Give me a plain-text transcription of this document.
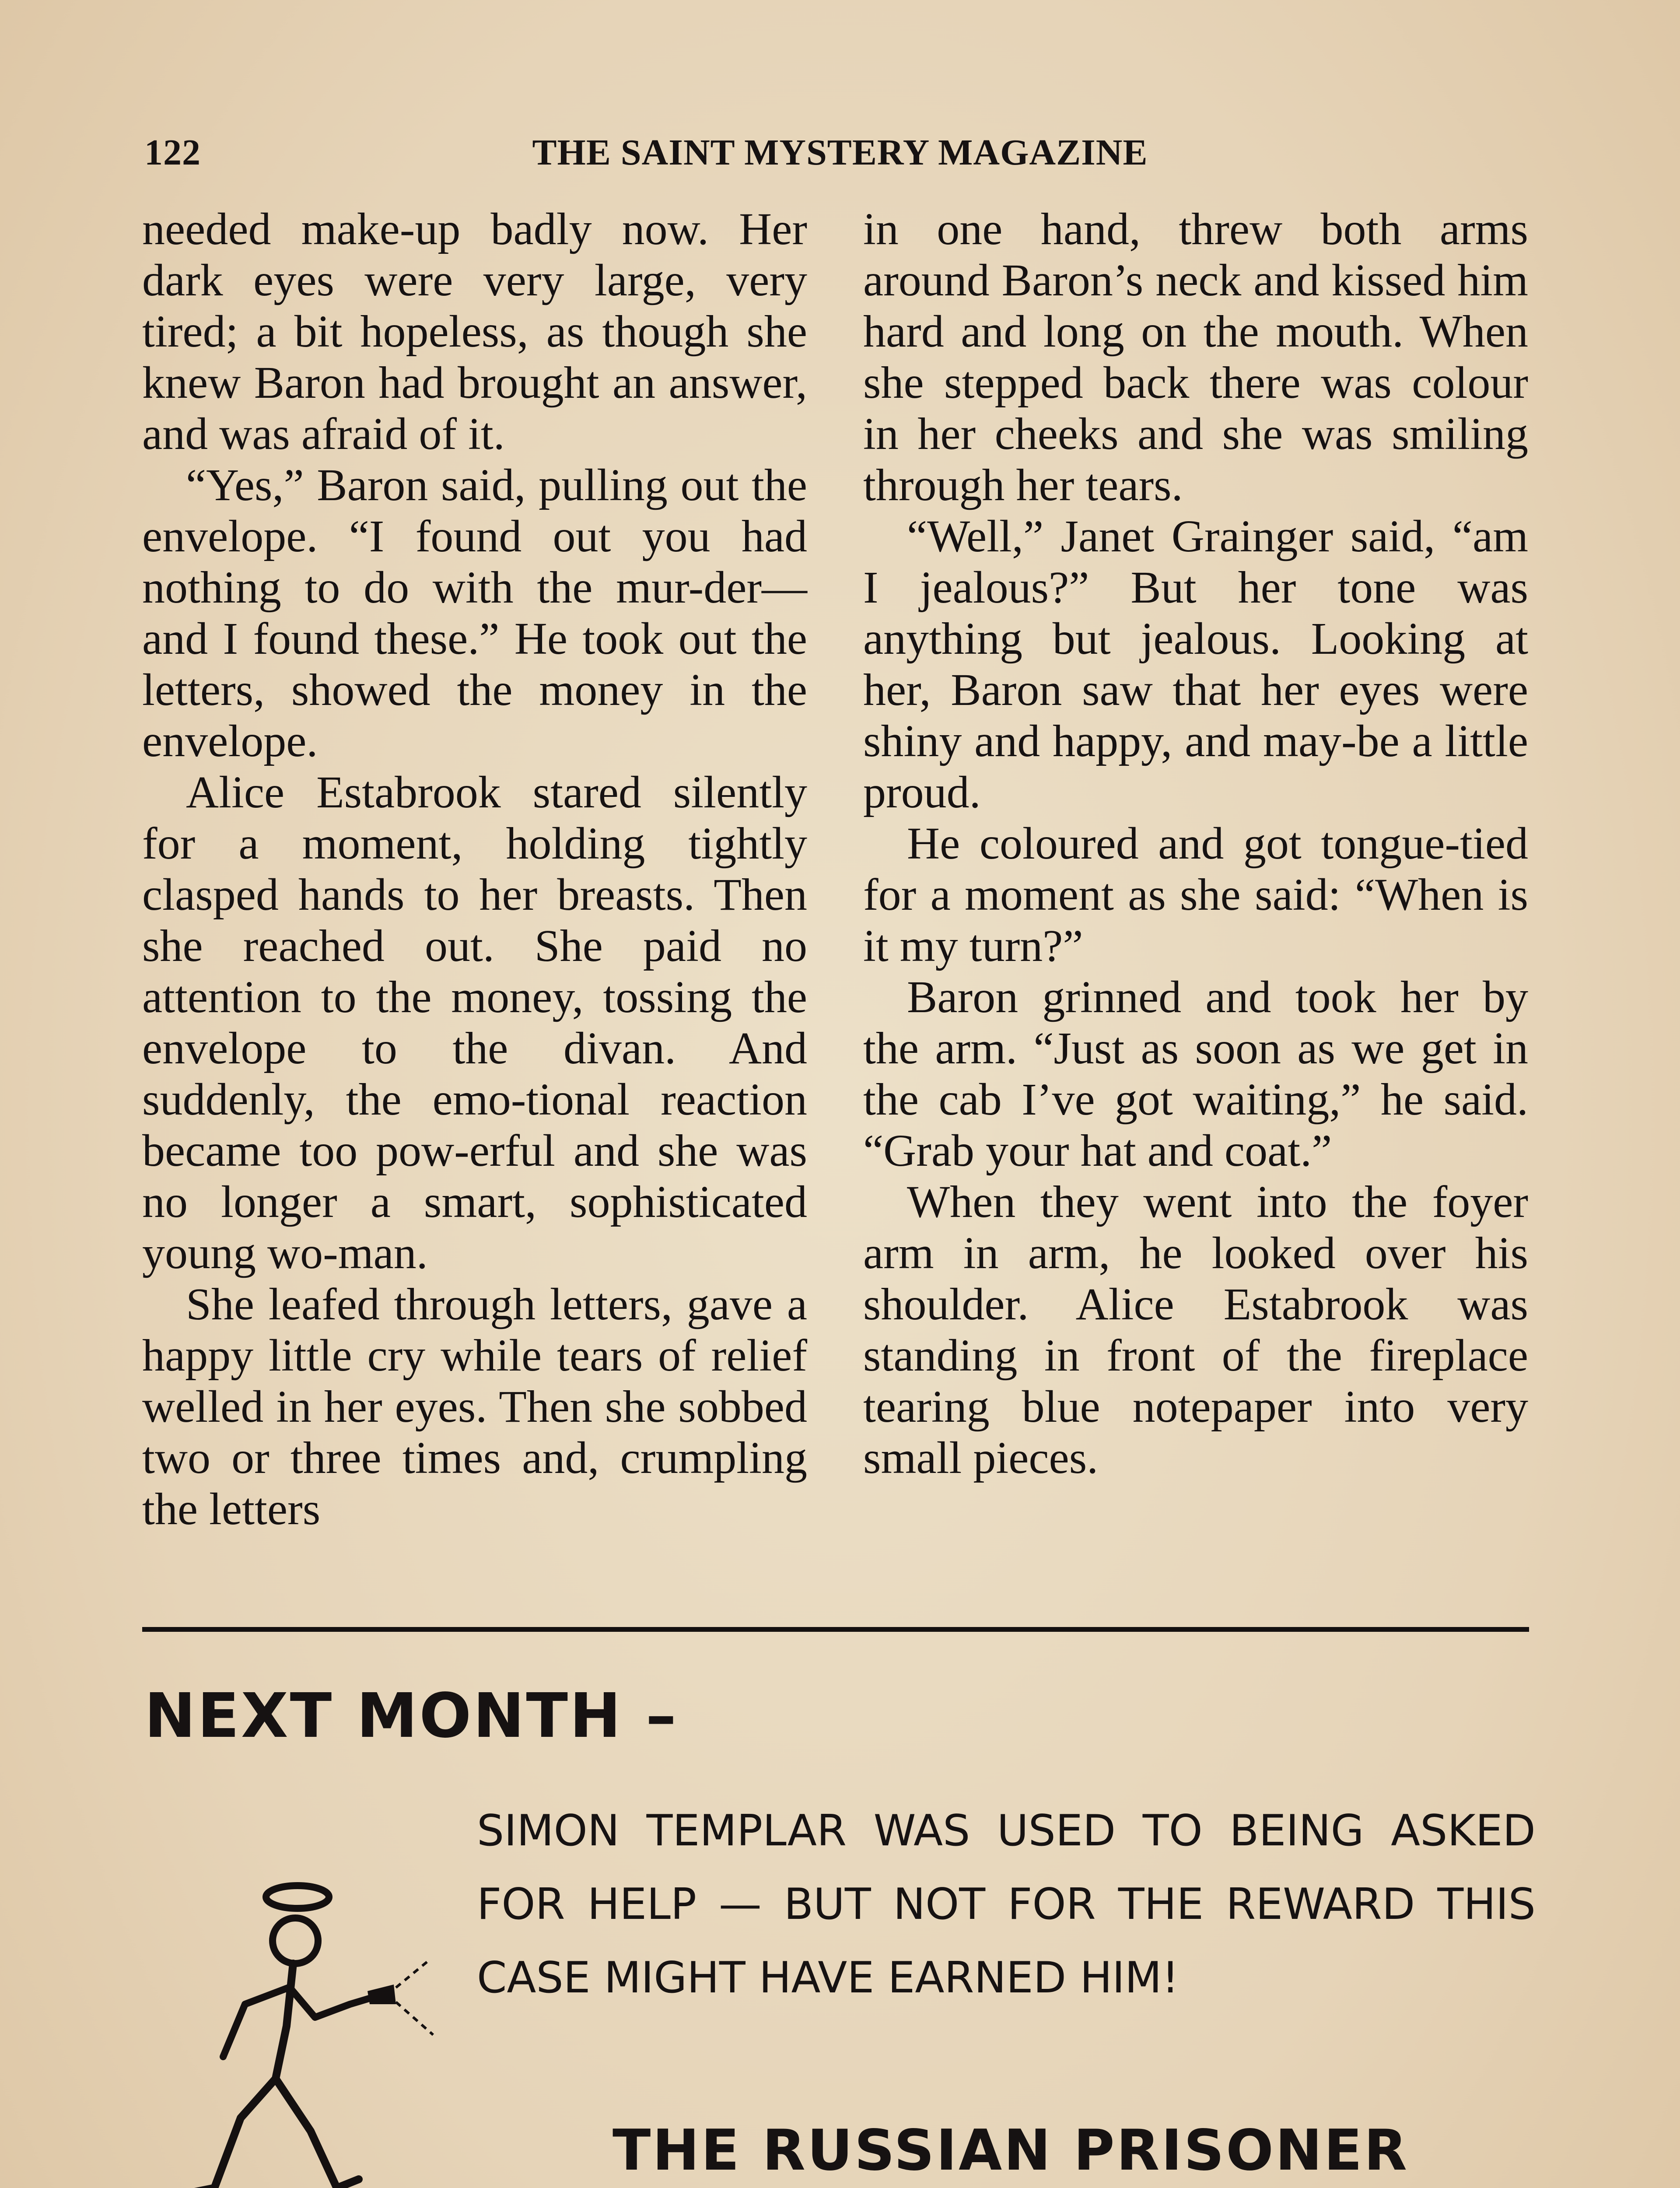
122	THE SAINT MYSTERY MAGAZINE

needed make-up badly now. Her dark eyes were very large, very tired; a bit hopeless, as though she knew Baron had brought an answer, and was afraid of it.

“Yes,” Baron said, pulling out the envelope. “I found out you had nothing to do with the mur-der—and I found these.” He took out the letters, showed the money in the envelope.

Alice Estabrook stared silently for a moment, holding tightly clasped hands to her breasts. Then she reached out. She paid no attention to the money, tossing the envelope to the divan. And suddenly, the emo-tional reaction became too pow-erful and she was no longer a smart, sophisticated young wo-man.

She leafed through letters, gave a happy little cry while tears of relief welled in her eyes. Then she sobbed two or three times and, crumpling the letters

in one hand, threw both arms around Baron’s neck and kissed him hard and long on the mouth. When she stepped back there was colour in her cheeks and she was smiling through her tears.

“Well,” Janet Grainger said, “am I jealous?” But her tone was anything but jealous. Looking at her, Baron saw that her eyes were shiny and happy, and may-be a little proud.

He coloured and got tongue-tied for a moment as she said: “When is it my turn?”

Baron grinned and took her by the arm. “Just as soon as we get in the cab I’ve got waiting,” he said. “Grab your hat and coat.”

When they went into the foyer arm in arm, he looked over his shoulder. Alice Estabrook was standing in front of the fireplace tearing blue notepaper into very small pieces.

NEXT MONTH –
SIMON TEMPLAR WAS USED TO BEING ASKED FOR HELP — BUT NOT FOR THE REWARD THIS CASE MIGHT HAVE EARNED HIM!
THE RUSSIAN PRISONER
